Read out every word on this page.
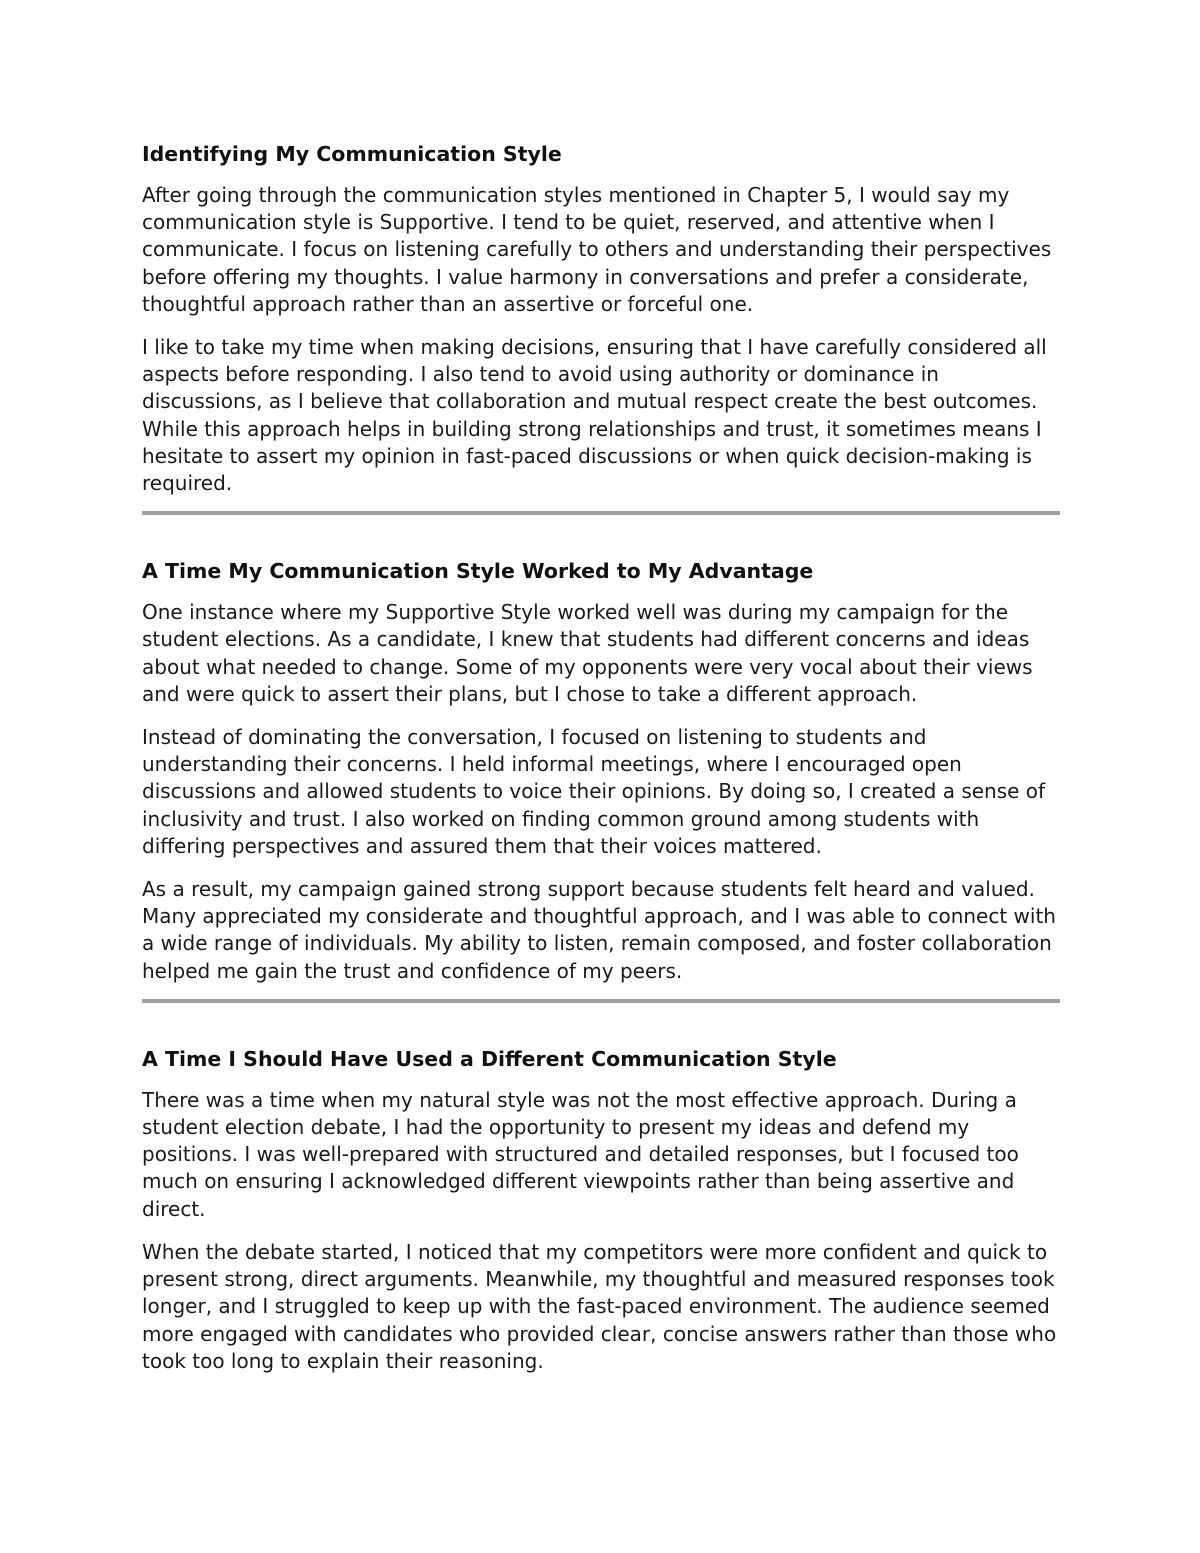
Identifying My Communication Style

After going through the communication styles mentioned in Chapter 5, I would say my communication style is Supportive. I tend to be quiet, reserved, and attentive when I communicate. I focus on listening carefully to others and understanding their perspectives before offering my thoughts. I value harmony in conversations and prefer a considerate, thoughtful approach rather than an assertive or forceful one.

I like to take my time when making decisions, ensuring that I have carefully considered all aspects before responding. I also tend to avoid using authority or dominance in discussions, as I believe that collaboration and mutual respect create the best outcomes. While this approach helps in building strong relationships and trust, it sometimes means I hesitate to assert my opinion in fast-paced discussions or when quick decision-making is required.

A Time My Communication Style Worked to My Advantage

One instance where my Supportive Style worked well was during my campaign for the student elections. As a candidate, I knew that students had different concerns and ideas about what needed to change. Some of my opponents were very vocal about their views and were quick to assert their plans, but I chose to take a different approach.

Instead of dominating the conversation, I focused on listening to students and understanding their concerns. I held informal meetings, where I encouraged open discussions and allowed students to voice their opinions. By doing so, I created a sense of inclusivity and trust. I also worked on finding common ground among students with differing perspectives and assured them that their voices mattered.

As a result, my campaign gained strong support because students felt heard and valued. Many appreciated my considerate and thoughtful approach, and I was able to connect with a wide range of individuals. My ability to listen, remain composed, and foster collaboration helped me gain the trust and confidence of my peers.

A Time I Should Have Used a Different Communication Style

There was a time when my natural style was not the most effective approach. During a student election debate, I had the opportunity to present my ideas and defend my positions. I was well-prepared with structured and detailed responses, but I focused too much on ensuring I acknowledged different viewpoints rather than being assertive and direct.

When the debate started, I noticed that my competitors were more confident and quick to present strong, direct arguments. Meanwhile, my thoughtful and measured responses took longer, and I struggled to keep up with the fast-paced environment. The audience seemed more engaged with candidates who provided clear, concise answers rather than those who took too long to explain their reasoning.
